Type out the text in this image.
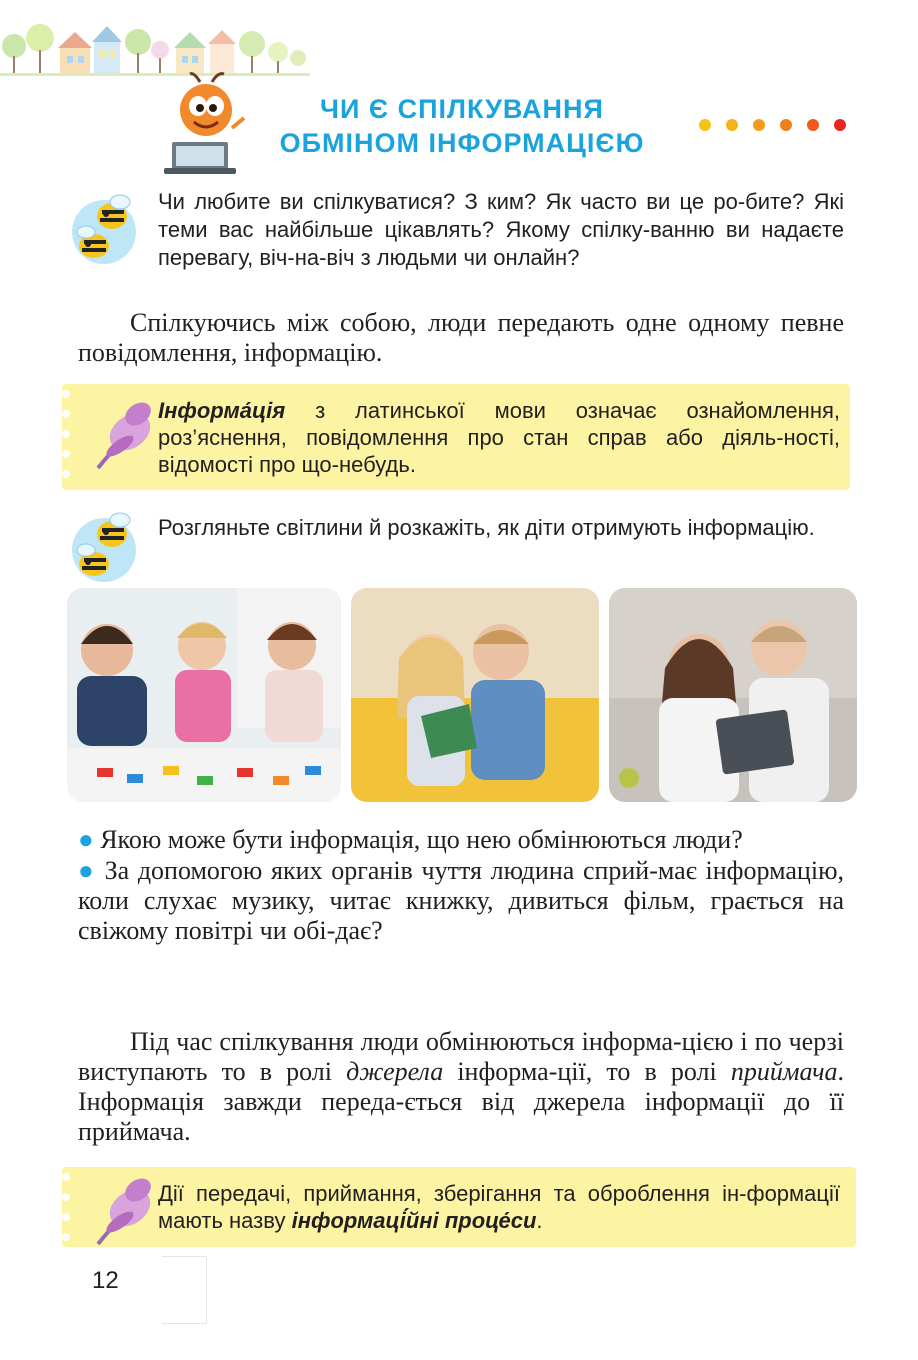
ЧИ Є СПІЛКУВАННЯ
ОБМІНОМ ІНФОРМАЦІЄЮ
Чи любите ви спілкуватися? З ким? Як часто ви це ро-бите? Які теми вас найбільше цікавлять? Якому спілку-ванню ви надаєте перевагу, віч-на-віч з людьми чи онлайн?
Спілкуючись між собою, люди передають одне одному певне повідомлення, інформацію.
Інформа́ція з латинської мови означає ознайомлення, роз’яснення, повідомлення про стан справ або діяль-ності, відомості про що-небудь.
Розгляньте світлини й розкажіть, як діти отримують інформацію.
● Якою може бути інформація, що нею обмінюються люди?
● За допомогою яких органів чуття людина сприй-має інформацію, коли слухає музику, читає книжку, дивиться фільм, грається на свіжому повітрі чи обі-дає?
Під час спілкування люди обмінюються інформа-цією і по черзі виступають то в ролі джерела інформа-ції, то в ролі приймача. Інформація завжди переда-ється від джерела інформації до її приймача.
Дії передачі, приймання, зберігання та оброблення ін-формації мають назву інформаці́йні проце́си.
12
